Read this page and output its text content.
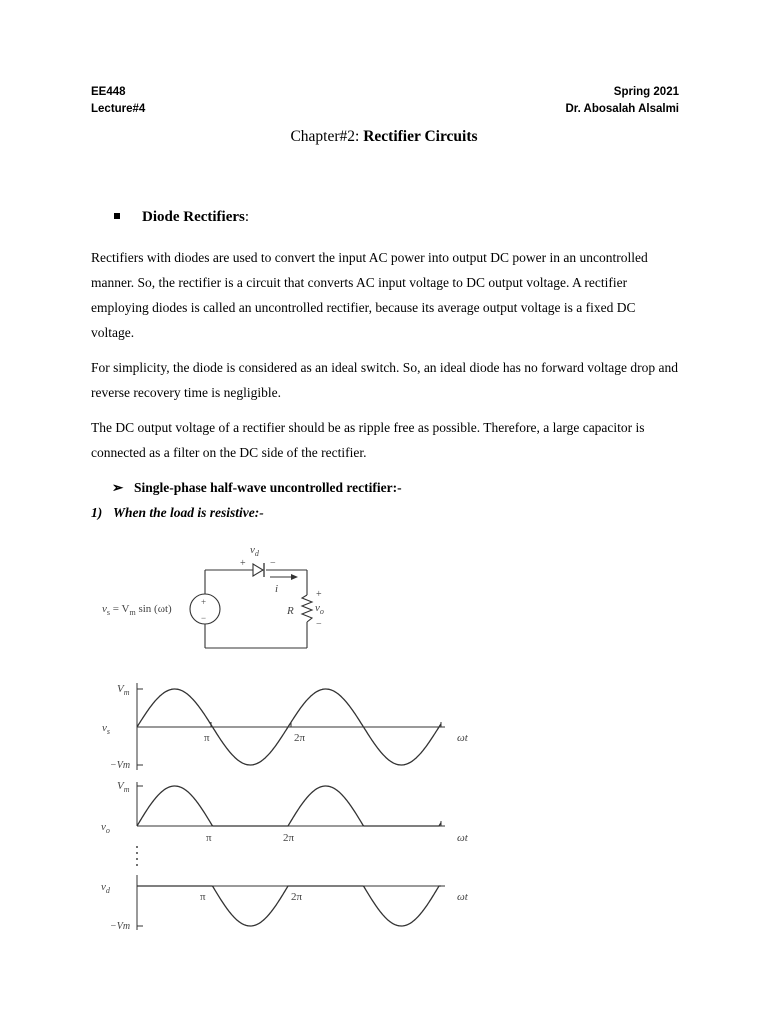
EE448
Lecture#4
Spring 2021
Dr. Abosalah Alsalmi
Chapter#2: Rectifier Circuits
Diode Rectifiers:
Rectifiers with diodes are used to convert the input AC power into output DC power in an uncontrolled manner. So, the rectifier is a circuit that converts AC input voltage to DC output voltage. A rectifier employing diodes is called an uncontrolled rectifier, because its average output voltage is a fixed DC voltage.
For simplicity, the diode is considered as an ideal switch. So, an ideal diode has no forward voltage drop and reverse recovery time is negligible.
The DC output voltage of a rectifier should be as ripple free as possible. Therefore, a large capacitor is connected as a filter on the DC side of the rectifier.
➢ Single-phase half-wave uncontrolled rectifier:-
1) When the load is resistive:-
$v_d$
+ −
i
R
+
$v_o$
−
+
−
$v_s = V_m$ sin (ωt)
$V_m$
$v_s$
−Vm
π	2π	ωt
$V_m$
$v_o$
π	2π	ωt
$v_d$
−Vm
π	2π	ωt
